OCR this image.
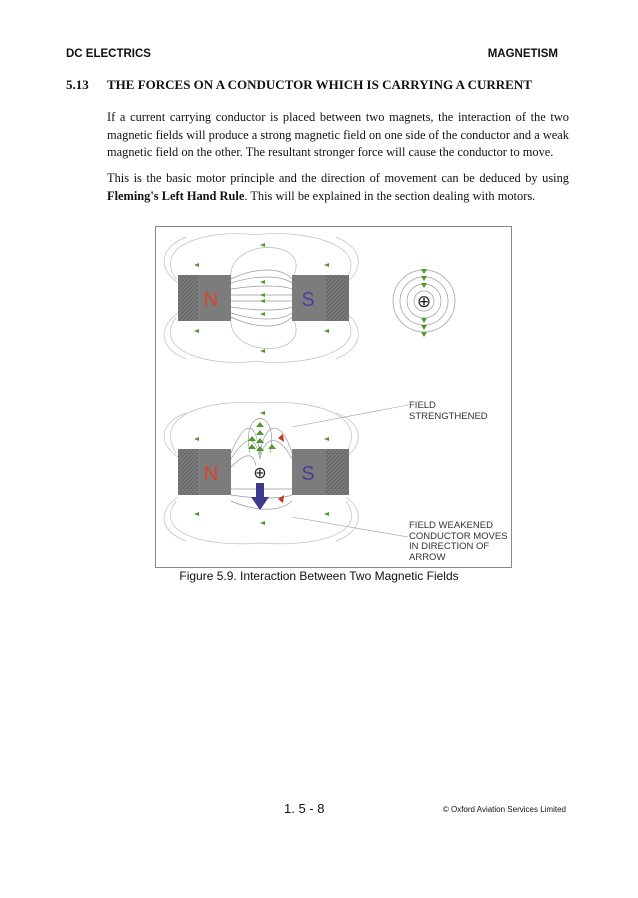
DC ELECTRICS	MAGNETISM
5.13 THE FORCES ON A CONDUCTOR WHICH IS CARRYING A CURRENT
If a current carrying conductor is placed between two magnets, the interaction of the two magnetic fields will produce a strong magnetic field on one side of the conductor and a weak magnetic field on the other. The resultant stronger force will cause the conductor to move.
This is the basic motor principle and the direction of movement can be deduced by using Fleming's Left Hand Rule. This will be explained in the section dealing with motors.
N	S	⊕
N	S
⊕
FIELD
STRENGTHENED
FIELD WEAKENED
CONDUCTOR MOVES
IN DIRECTION OF
ARROW
Figure 5.9. Interaction Between Two Magnetic Fields
1. 5 - 8	© Oxford Aviation Services Limited
